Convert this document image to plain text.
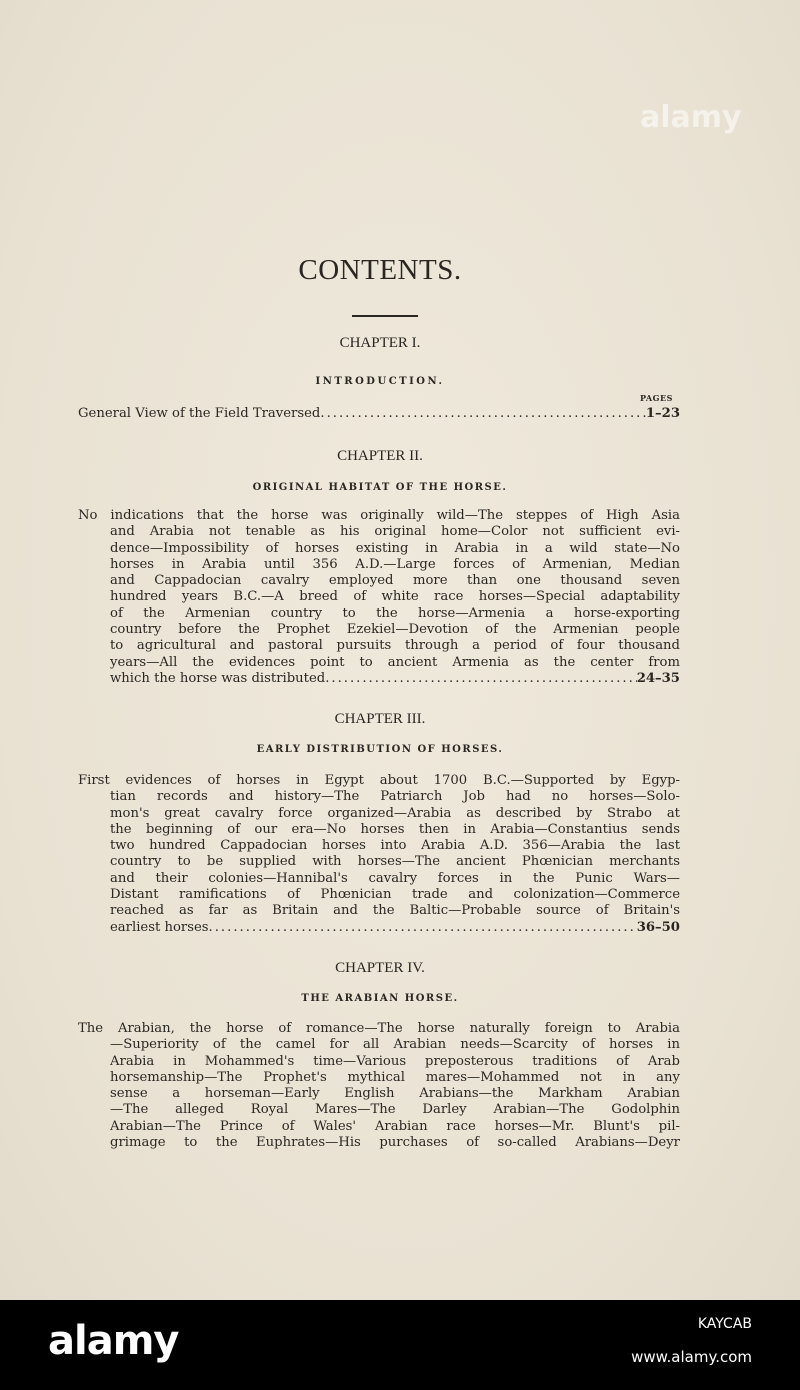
alamy
CONTENTS.
CHAPTER I.
INTRODUCTION.
PAGES
General View of the Field Traversed .....	1–23
CHAPTER II.
ORIGINAL HABITAT OF THE HORSE.
No indications that the horse was originally wild—The steppes of High Asia
and Arabia not tenable as his original home—Color not sufficient evi-
dence—Impossibility of horses existing in Arabia in a wild state—No
horses in Arabia until 356 A.D.—Large forces of Armenian, Median
and Cappadocian cavalry employed more than one thousand seven
hundred years B.C.—A breed of white race horses—Special adaptability
of the Armenian country to the horse—Armenia a horse-exporting
country before the Prophet Ezekiel—Devotion of the Armenian people
to agricultural and pastoral pursuits through a period of four thousand
years—All the evidences point to ancient Armenia as the center from
which the horse was distributed .....	24–35
CHAPTER III.
EARLY DISTRIBUTION OF HORSES.
First evidences of horses in Egypt about 1700 B.C.—Supported by Egyp-
tian records and history—The Patriarch Job had no horses—Solo-
mon's great cavalry force organized—Arabia as described by Strabo at
the beginning of our era—No horses then in Arabia—Constantius sends
two hundred Cappadocian horses into Arabia A.D. 356—Arabia the last
country to be supplied with horses—The ancient Phœnician merchants
and their colonies—Hannibal's cavalry forces in the Punic Wars—
Distant ramifications of Phœnician trade and colonization—Commerce
reached as far as Britain and the Baltic—Probable source of Britain's
earliest horses .....	36–50
CHAPTER IV.
THE ARABIAN HORSE.
The Arabian, the horse of romance—The horse naturally foreign to Arabia
—Superiority of the camel for all Arabian needs—Scarcity of horses in
Arabia in Mohammed's time—Various preposterous traditions of Arab
horsemanship—The Prophet's mythical mares—Mohammed not in any
sense a horseman—Early English Arabians—the Markham Arabian
—The alleged Royal Mares—The Darley Arabian—The Godolphin
Arabian—The Prince of Wales' Arabian race horses—Mr. Blunt's pil-
grimage to the Euphrates—His purchases of so-called Arabians—Deyr
alamy	KAYCAB
www.alamy.com
